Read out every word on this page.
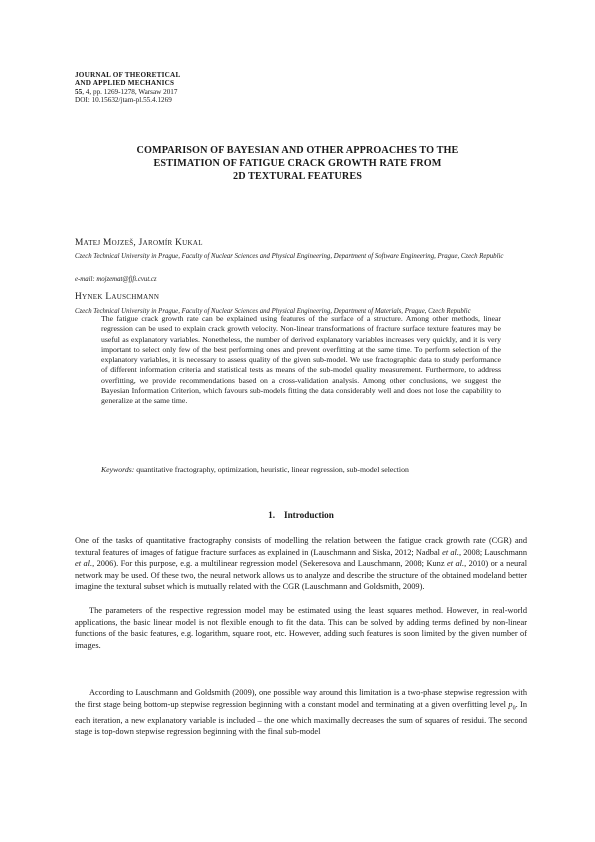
JOURNAL OF THEORETICAL
AND APPLIED MECHANICS
55, 4, pp. 1269-1278, Warsaw 2017
DOI: 10.15632/jtam-pl.55.4.1269
COMPARISON OF BAYESIAN AND OTHER APPROACHES TO THE
ESTIMATION OF FATIGUE CRACK GROWTH RATE FROM
2D TEXTURAL FEATURES
Matej Mojzeš, Jaromír Kukal
Czech Technical University in Prague, Faculty of Nuclear Sciences and Physical Engineering, Department of Software Engineering, Prague, Czech Republic
e-mail: mojzemat@fjfi.cvut.cz
Hynek Lauschmann
Czech Technical University in Prague, Faculty of Nuclear Sciences and Physical Engineering, Department of Materials, Prague, Czech Republic
The fatigue crack growth rate can be explained using features of the surface of a structure. Among other methods, linear regression can be used to explain crack growth velocity. Non-linear transformations of fracture surface texture features may be useful as explanatory variables. Nonetheless, the number of derived explanatory variables increases very quickly, and it is very important to select only few of the best performing ones and prevent overfitting at the same time. To perform selection of the explanatory variables, it is necessary to assess quality of the given sub-model. We use fractographic data to study performance of different information criteria and statistical tests as means of the sub-model quality measurement. Furthermore, to address overfitting, we provide recommendations based on a cross-validation analysis. Among other conclusions, we suggest the Bayesian Information Criterion, which favours sub-models fitting the data considerably well and does not lose the capability to generalize at the same time.
Keywords: quantitative fractography, optimization, heuristic, linear regression, sub-model selection
1. Introduction

One of the tasks of quantitative fractography consists of modelling the relation between the fatigue crack growth rate (CGR) and textural features of images of fatigue fracture surfaces as explained in (Lauschmann and Siska, 2012; Nadbal et al., 2008; Lauschmann et al., 2006). For this purpose, e.g. a multilinear regression model (Sekeresova and Lauschmann, 2008; Kunz et al., 2010) or a neural network may be used. Of these two, the neural network allows us to analyze and describe the structure of the obtained modeland better imagine the textural subset which is mutually related with the CGR (Lauschmann and Goldsmith, 2009).

The parameters of the respective regression model may be estimated using the least squares method. However, in real-world applications, the basic linear model is not flexible enough to fit the data. This can be solved by adding terms defined by non-linear functions of the basic features, e.g. logarithm, square root, etc. However, adding such features is soon limited by the given number of images.

According to Lauschmann and Goldsmith (2009), one possible way around this limitation is a two-phase stepwise regression with the first stage being bottom-up stepwise regression beginning with a constant model and terminating at a given overfitting level $p_0$. In each iteration, a new explanatory variable is included – the one which maximally decreases the sum of squares of residui. The second stage is top-down stepwise regression beginning with the final sub-model
